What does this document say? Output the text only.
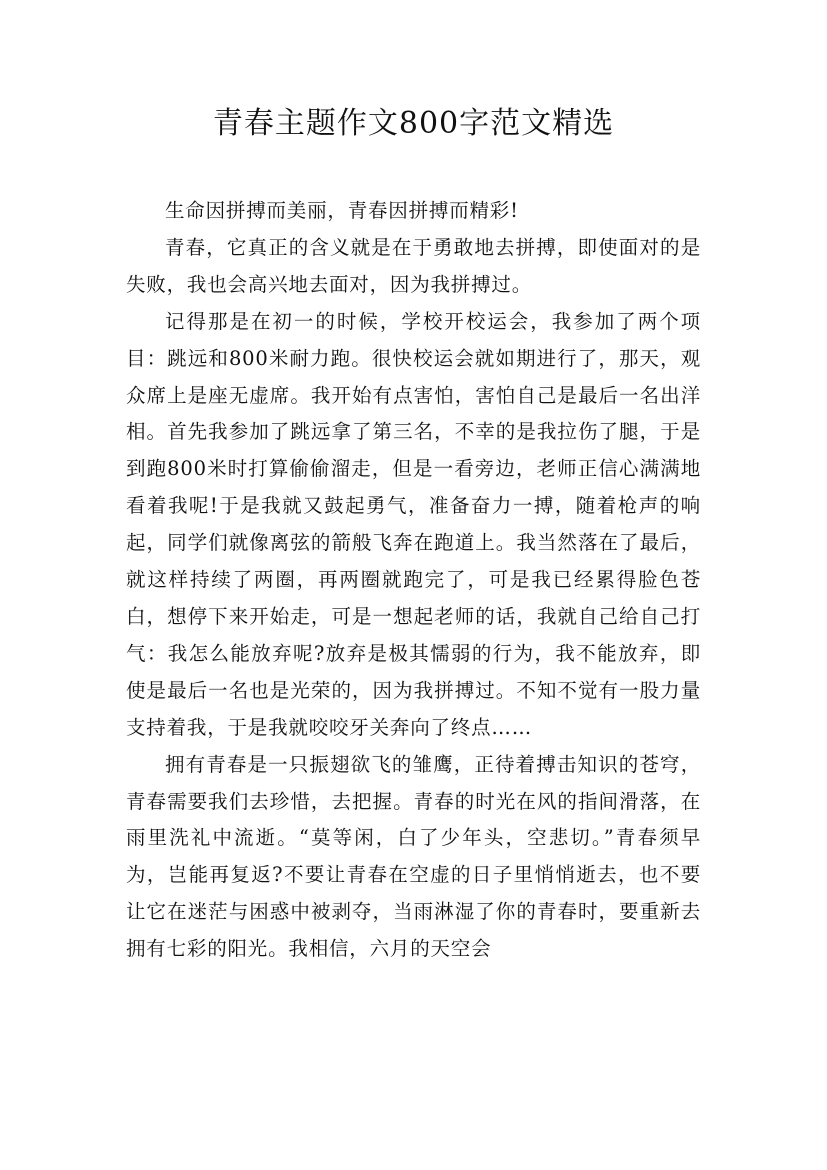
青春主题作文800字范文精选

生命因拼搏而美丽，青春因拼搏而精彩!

青春，它真正的含义就是在于勇敢地去拼搏，即使面对的是失败，我也会高兴地去面对，因为我拼搏过。

记得那是在初一的时候，学校开校运会，我参加了两个项目：跳远和800米耐力跑。很快校运会就如期进行了，那天，观众席上是座无虚席。我开始有点害怕，害怕自己是最后一名出洋相。首先我参加了跳远拿了第三名，不幸的是我拉伤了腿，于是到跑800米时打算偷偷溜走，但是一看旁边，老师正信心满满地看着我呢!于是我就又鼓起勇气，准备奋力一搏，随着枪声的响起，同学们就像离弦的箭般飞奔在跑道上。我当然落在了最后，就这样持续了两圈，再两圈就跑完了，可是我已经累得脸色苍白，想停下来开始走，可是一想起老师的话，我就自己给自己打气：我怎么能放弃呢?放弃是极其懦弱的行为，我不能放弃，即使是最后一名也是光荣的，因为我拼搏过。不知不觉有一股力量支持着我，于是我就咬咬牙关奔向了终点……

拥有青春是一只振翅欲飞的雏鹰，正待着搏击知识的苍穹，青春需要我们去珍惜，去把握。青春的时光在风的指间滑落，在雨里洗礼中流逝。“莫等闲，白了少年头，空悲切。”青春须早为，岂能再复返?不要让青春在空虚的日子里悄悄逝去，也不要让它在迷茫与困惑中被剥夺，当雨淋湿了你的青春时，要重新去拥有七彩的阳光。我相信，六月的天空会
